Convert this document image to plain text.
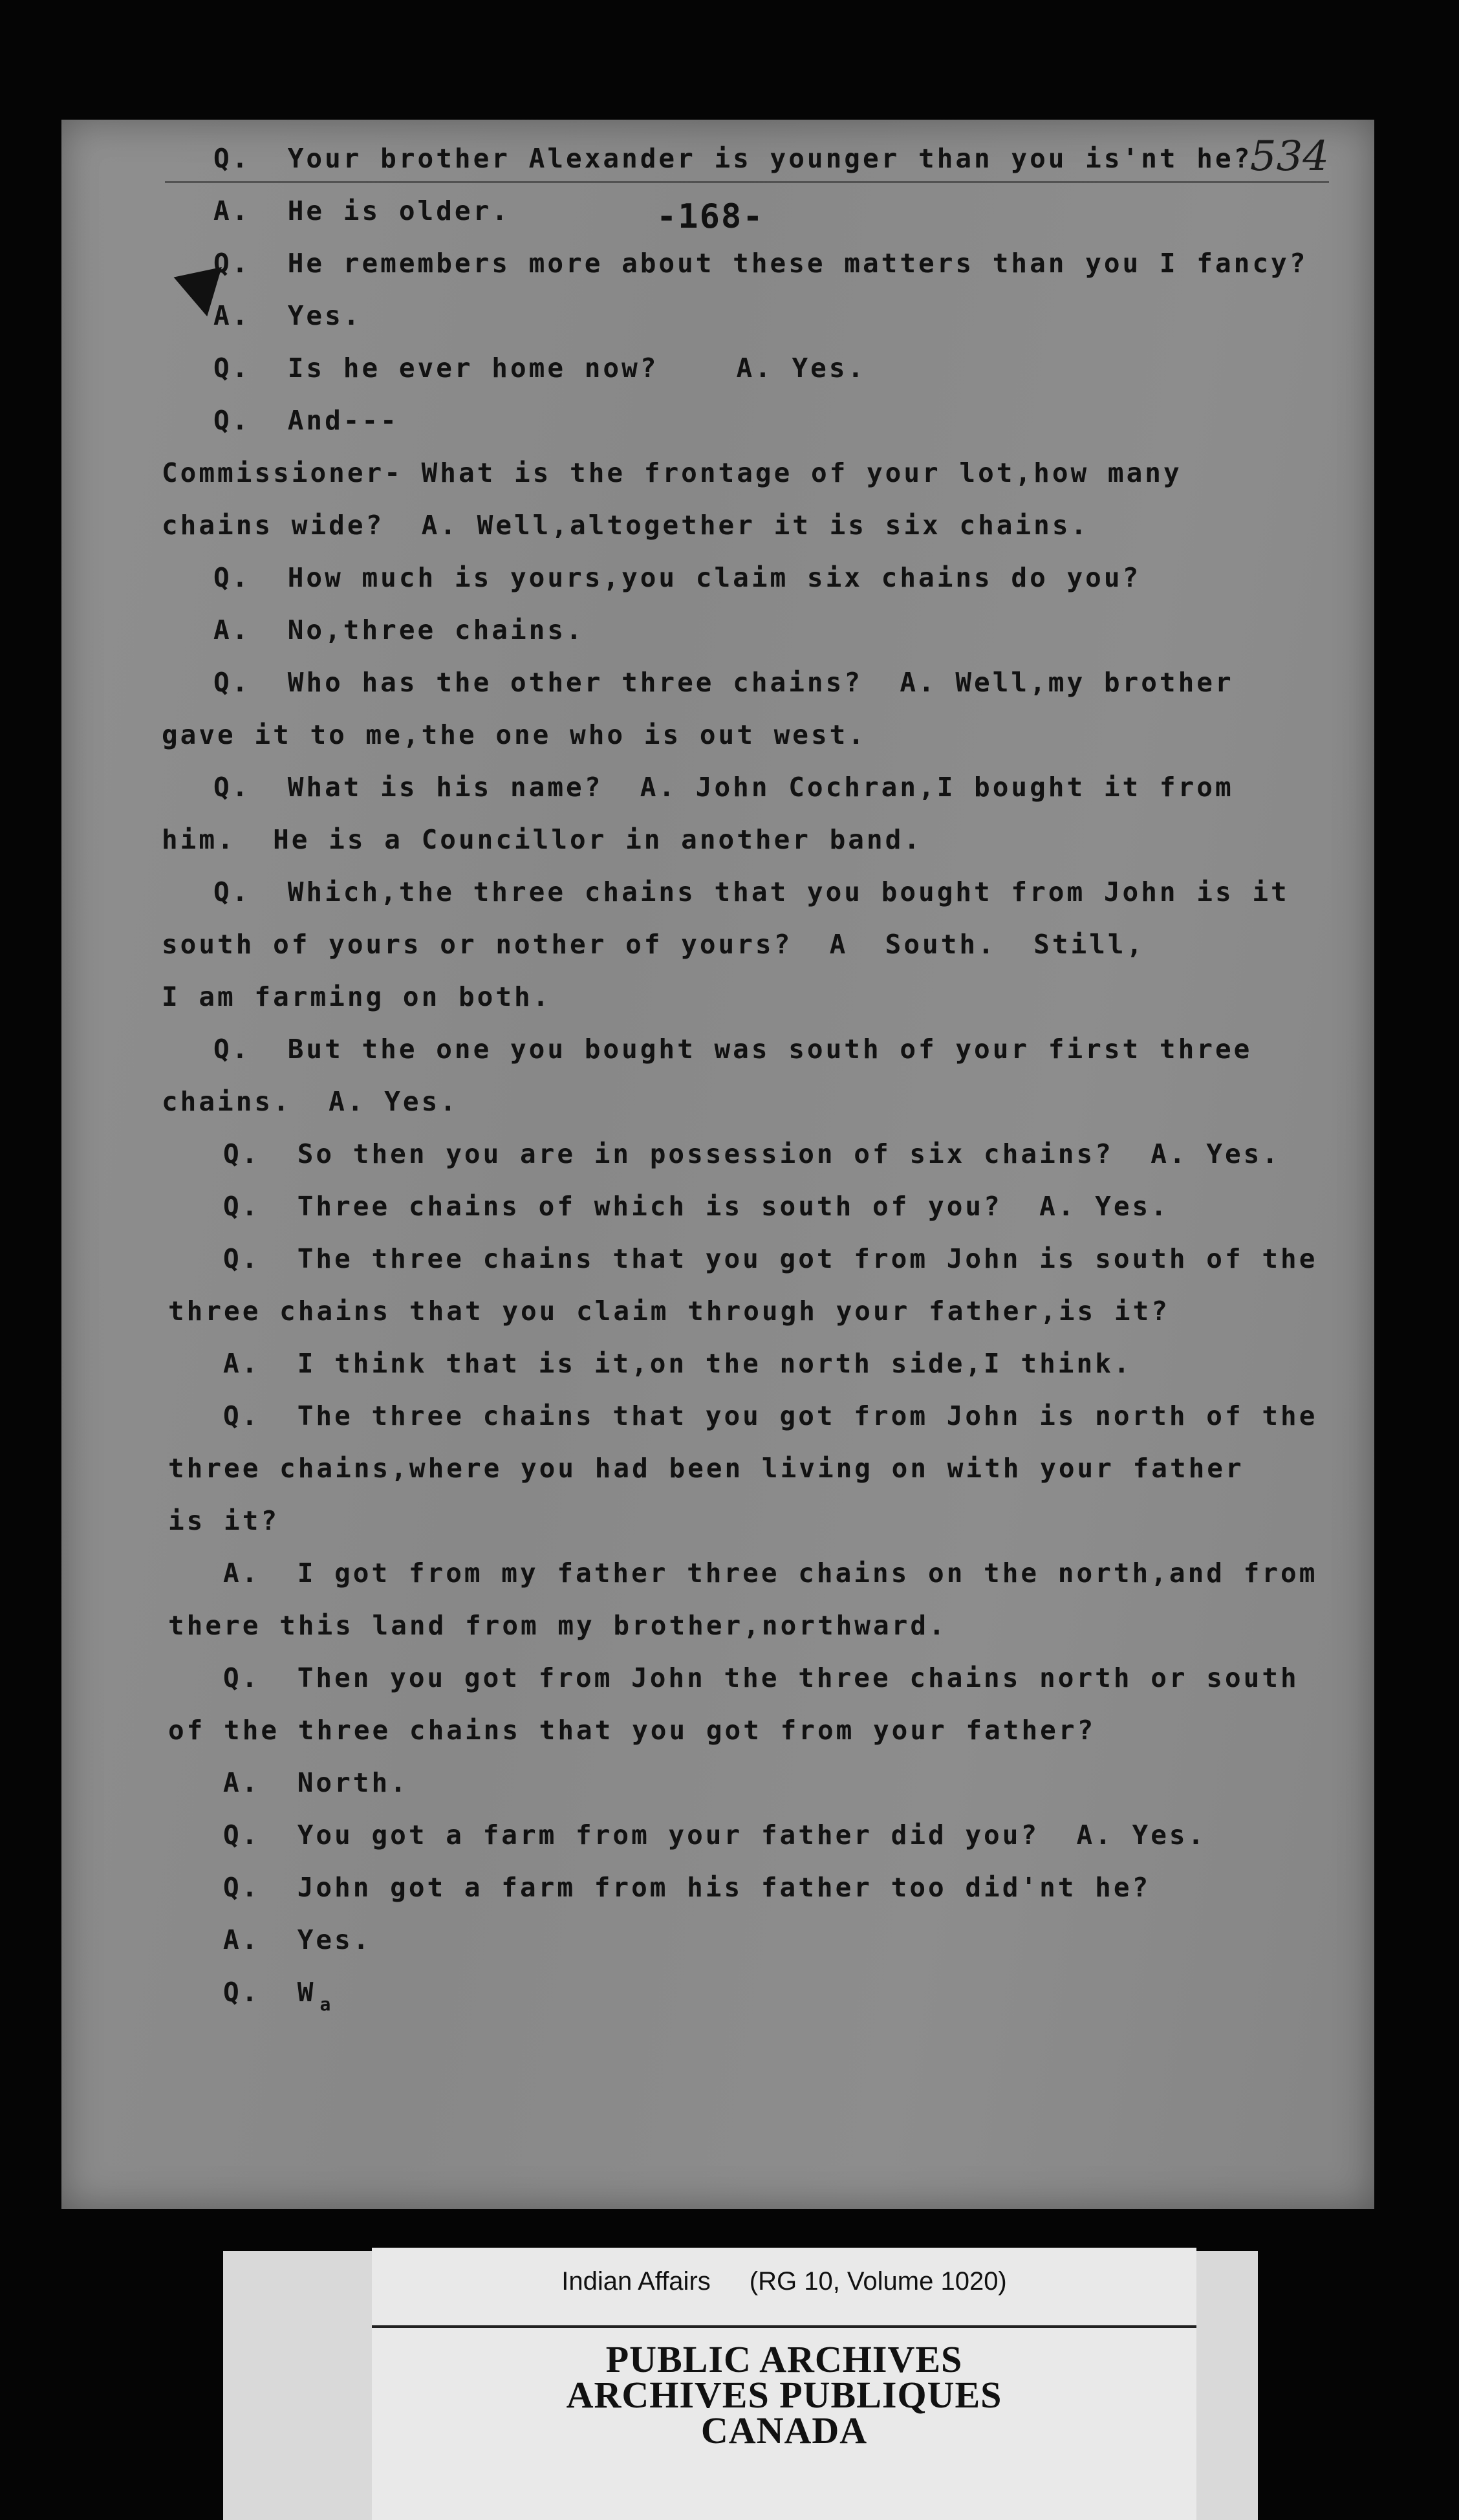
534
-168-
Q. Your brother Alexander is younger than you is'nt he?
A. He is older.
Q. He remembers more about these matters than you I fancy?
A. Yes.
Q. Is he ever home now?	A. Yes.
Q. And---
Commissioner- What is the frontage of your lot,how many
chains wide?  A. Well,altogether it is six chains.
Q. How much is yours,you claim six chains do you?
A. No,three chains.
Q. Who has the other three chains?  A. Well,my brother
gave it to me,the one who is out west.
Q. What is his name?  A. John Cochran,I bought it from
him.  He is a Councillor in another band.
Q. Which,the three chains that you bought from John is it
south of yours or nother of yours?  A  South.  Still,
I am farming on both.
Q. But the one you bought was south of your first three
chains.  A. Yes.
Q. So then you are in possession of six chains?  A. Yes.
Q. Three chains of which is south of you?  A. Yes.
Q. The three chains that you got from John is south of the
three chains that you claim through your father,is it?
A. I think that is it,on the north side,I think.
Q. The three chains that you got from John is north of the
three chains,where you had been living on with your father
is it?
A. I got from my father three chains on the north,and from
there this land from my brother,northward.
Q. Then you got from John the three chains north or south
of the three chains that you got from your father?
A. North.
Q. You got a farm from your father did you?  A. Yes.
Q. John got a farm from his father too did'nt he?
A. Yes.
Q. W $_a$
Indian Affairs (RG 10, Volume 1020)
PUBLIC ARCHIVES
ARCHIVES PUBLIQUES
CANADA
